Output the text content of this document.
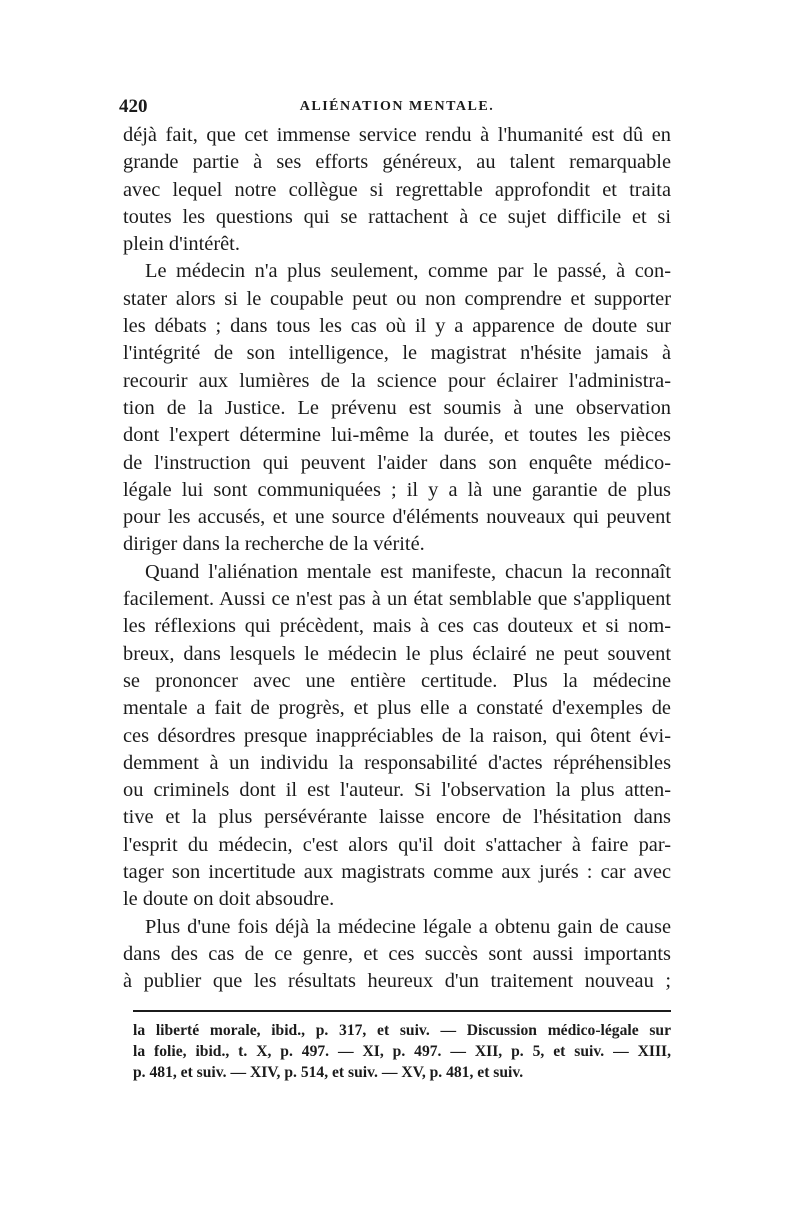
420	ALIÉNATION MENTALE.
déjà fait, que cet immense service rendu à l'humanité est dû en
grande partie à ses efforts généreux, au talent remarquable
avec lequel notre collègue si regrettable approfondit et traita
toutes les questions qui se rattachent à ce sujet difficile et si
plein d'intérêt.
Le médecin n'a plus seulement, comme par le passé, à con-
stater alors si le coupable peut ou non comprendre et supporter
les débats ; dans tous les cas où il y a apparence de doute sur
l'intégrité de son intelligence, le magistrat n'hésite jamais à
recourir aux lumières de la science pour éclairer l'administra-
tion de la Justice. Le prévenu est soumis à une observation
dont l'expert détermine lui-même la durée, et toutes les pièces
de l'instruction qui peuvent l'aider dans son enquête médico-
légale lui sont communiquées ; il y a là une garantie de plus
pour les accusés, et une source d'éléments nouveaux qui peuvent
diriger dans la recherche de la vérité.
Quand l'aliénation mentale est manifeste, chacun la reconnaît
facilement. Aussi ce n'est pas à un état semblable que s'appliquent
les réflexions qui précèdent, mais à ces cas douteux et si nom-
breux, dans lesquels le médecin le plus éclairé ne peut souvent
se prononcer avec une entière certitude. Plus la médecine
mentale a fait de progrès, et plus elle a constaté d'exemples de
ces désordres presque inappréciables de la raison, qui ôtent évi-
demment à un individu la responsabilité d'actes répréhensibles
ou criminels dont il est l'auteur. Si l'observation la plus atten-
tive et la plus persévérante laisse encore de l'hésitation dans
l'esprit du médecin, c'est alors qu'il doit s'attacher à faire par-
tager son incertitude aux magistrats comme aux jurés : car avec
le doute on doit absoudre.
Plus d'une fois déjà la médecine légale a obtenu gain de cause
dans des cas de ce genre, et ces succès sont aussi importants
à publier que les résultats heureux d'un traitement nouveau ;
la liberté morale, ibid., p. 317, et suiv. — Discussion médico-légale sur
la folie, ibid., t. X, p. 497. — XI, p. 497. — XII, p. 5, et suiv. — XIII,
p. 481, et suiv. — XIV, p. 514, et suiv. — XV, p. 481, et suiv.
